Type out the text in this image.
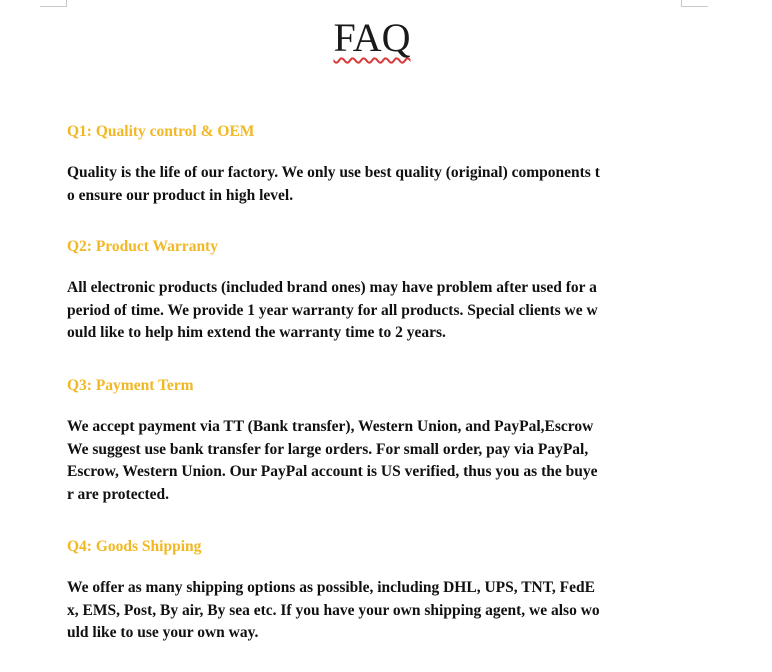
FAQ

Q1: Quality control & OEM

Quality is the life of our factory. We only use best quality (original) components t
o ensure our product in high level.

Q2: Product Warranty

All electronic products (included brand ones) may have problem after used for a
period of time. We provide 1 year warranty for all products. Special clients we w
ould like to help him extend the warranty time to 2 years.

Q3: Payment Term

We accept payment via TT (Bank transfer), Western Union, and PayPal,Escrow
We suggest use bank transfer for large orders. For small order, pay via PayPal,
Escrow, Western Union. Our PayPal account is US verified, thus you as the buye
r are protected.

Q4: Goods Shipping

We offer as many shipping options as possible, including DHL, UPS, TNT, FedE
x, EMS, Post, By air, By sea etc. If you have your own shipping agent, we also wo
uld like to use your own way.
